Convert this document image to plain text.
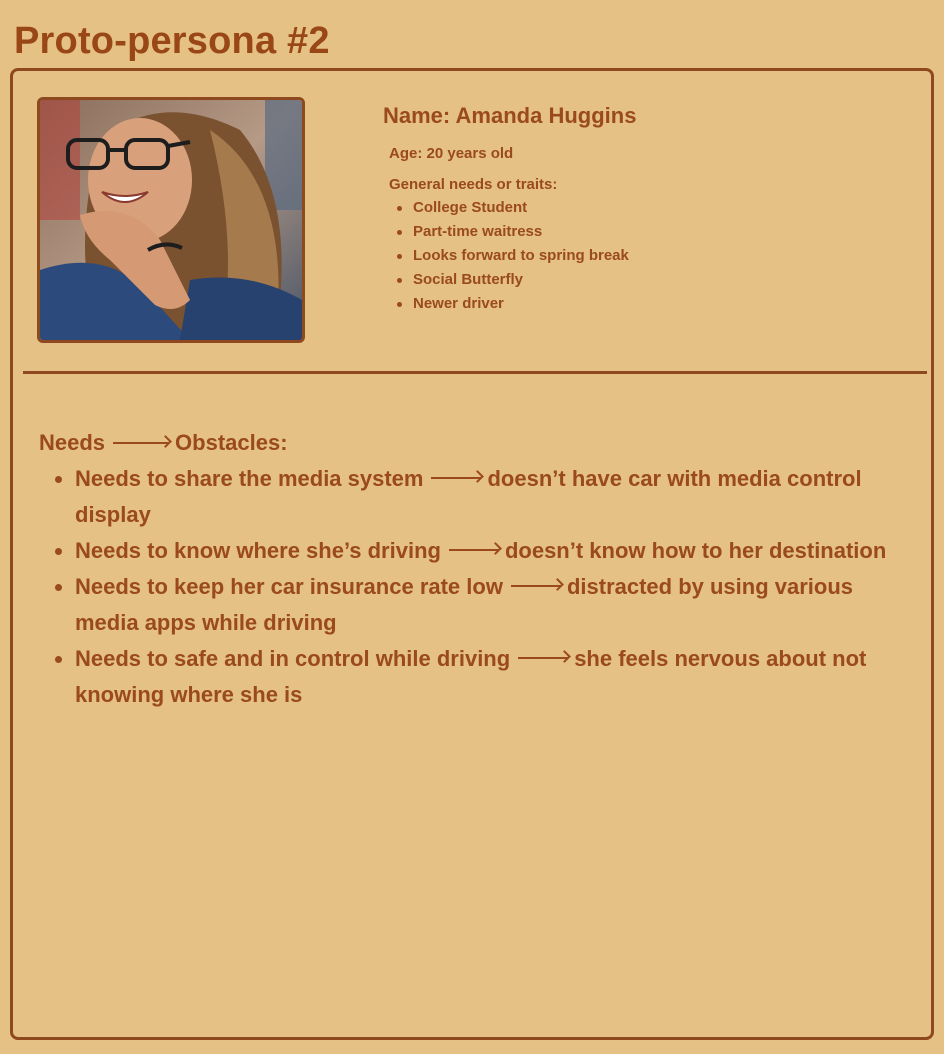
Proto-persona #2
Name: Amanda Huggins
Age: 20 years old
General needs or traits:
College Student
Part-time waitress
Looks forward to spring break
Social Butterfly
Newer driver
Needs	Obstacles:
Needs to share the media system	doesn’t have car with media control display
Needs to know where she’s driving	doesn’t know how to her destination
Needs to keep her car insurance rate low	distracted by using various media apps while driving
Needs to safe and in control while driving	she feels nervous about not knowing where she is
